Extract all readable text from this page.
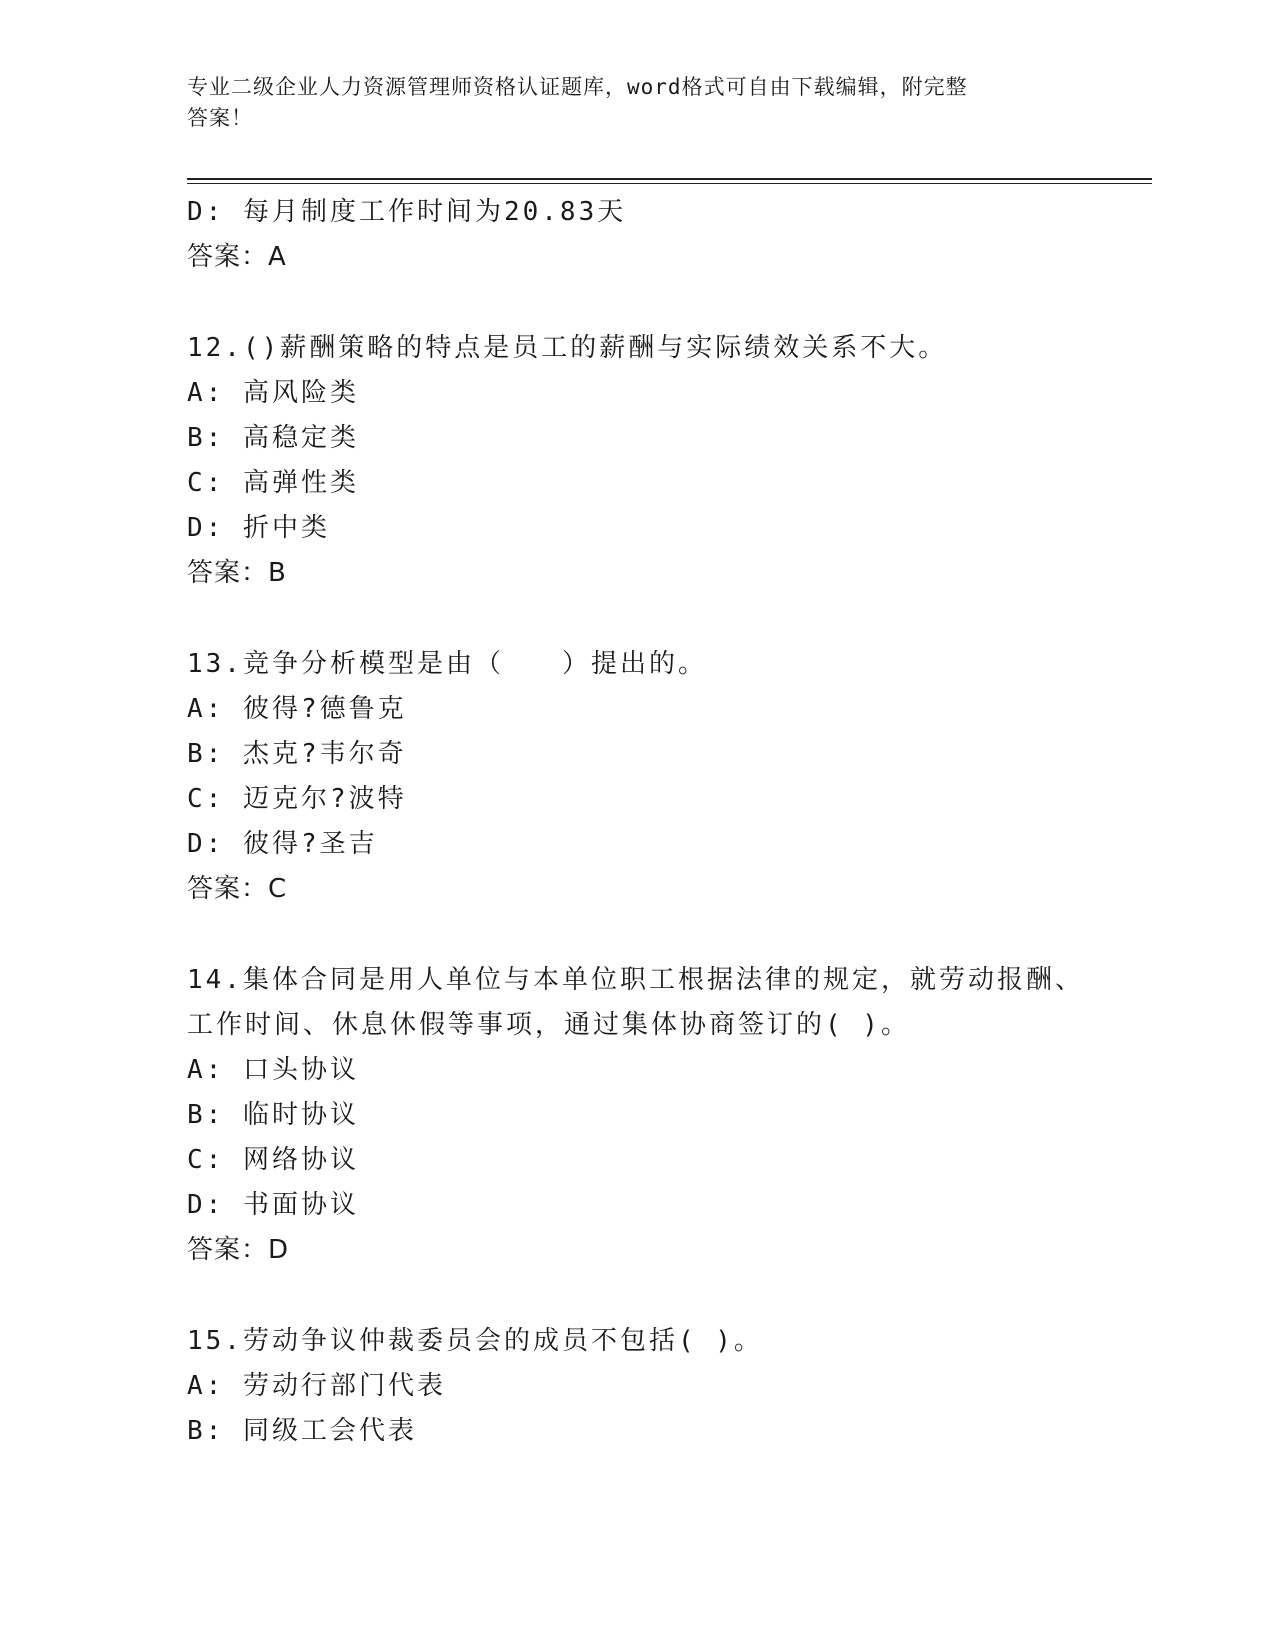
专业二级企业人力资源管理师资格认证题库，word格式可自由下载编辑，附完整
答案！
D: 每月制度工作时间为20.83天
答案：A
12.()薪酬策略的特点是员工的薪酬与实际绩效关系不大。
A: 高风险类
B: 高稳定类
C: 高弹性类
D: 折中类
答案：B
13.竞争分析模型是由（　　）提出的。
A: 彼得?德鲁克
B: 杰克?韦尔奇
C: 迈克尔?波特
D: 彼得?圣吉
答案：C
14.集体合同是用人单位与本单位职工根据法律的规定，就劳动报酬、
工作时间、休息休假等事项，通过集体协商签订的( )。
A: 口头协议
B: 临时协议
C: 网络协议
D: 书面协议
答案：D
15.劳动争议仲裁委员会的成员不包括( )。
A: 劳动行部门代表
B: 同级工会代表
